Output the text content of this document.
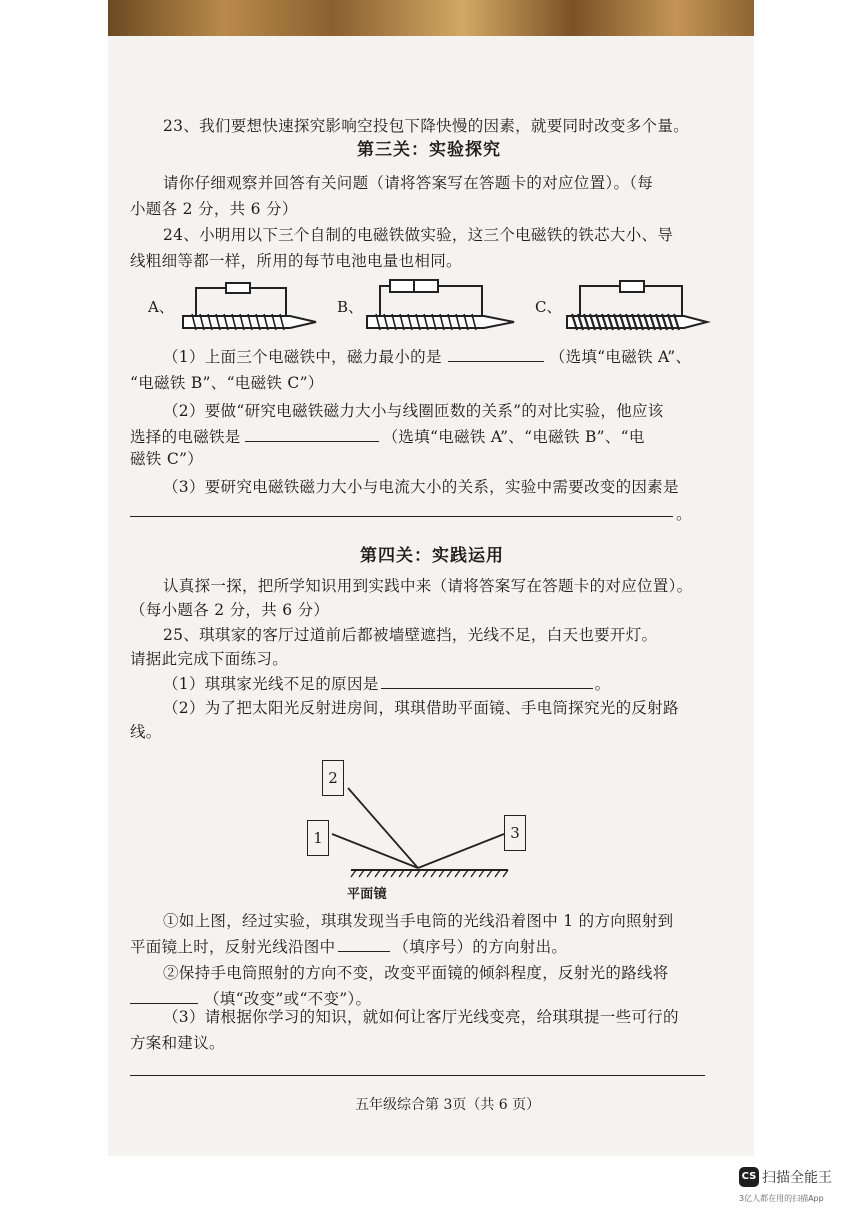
23、我们要想快速探究影响空投包下降快慢的因素，就要同时改变多个量。
第三关：实验探究
请你仔细观察并回答有关问题（请将答案写在答题卡的对应位置）。（每
小题各 2 分，共 6 分）
24、小明用以下三个自制的电磁铁做实验，这三个电磁铁的铁芯大小、导
线粗细等都一样，所用的每节电池电量也相同。
A、	B、	C、
（1）上面三个电磁铁中，磁力最小的是	（选填“电磁铁 A”、
“电磁铁 B”、“电磁铁 C”）
（2）要做“研究电磁铁磁力大小与线圈匝数的关系”的对比实验，他应该
选择的电磁铁是	（选填“电磁铁 A”、“电磁铁 B”、“电
磁铁 C”）
（3）要研究电磁铁磁力大小与电流大小的关系，实验中需要改变的因素是
。
第四关：实践运用
认真探一探，把所学知识用到实践中来（请将答案写在答题卡的对应位置）。
（每小题各 2 分，共 6 分）
25、琪琪家的客厅过道前后都被墙壁遮挡，光线不足，白天也要开灯。
请据此完成下面练习。
（1）琪琪家光线不足的原因是	。
（2）为了把太阳光反射进房间，琪琪借助平面镜、手电筒探究光的反射路
线。
1
2
3
平面镜
①如上图，经过实验，琪琪发现当手电筒的光线沿着图中 1 的方向照射到
平面镜上时，反射光线沿图中	（填序号）的方向射出。
②保持手电筒照射的方向不变，改变平面镜的倾斜程度，反射光的路线将
（填“改变”或“不变”）。
（3）请根据你学习的知识，就如何让客厅光线变亮，给琪琪提一些可行的
方案和建议。
五年级综合第 3页（共 6 页）
CS 扫描全能王
3亿人都在用的扫描App
